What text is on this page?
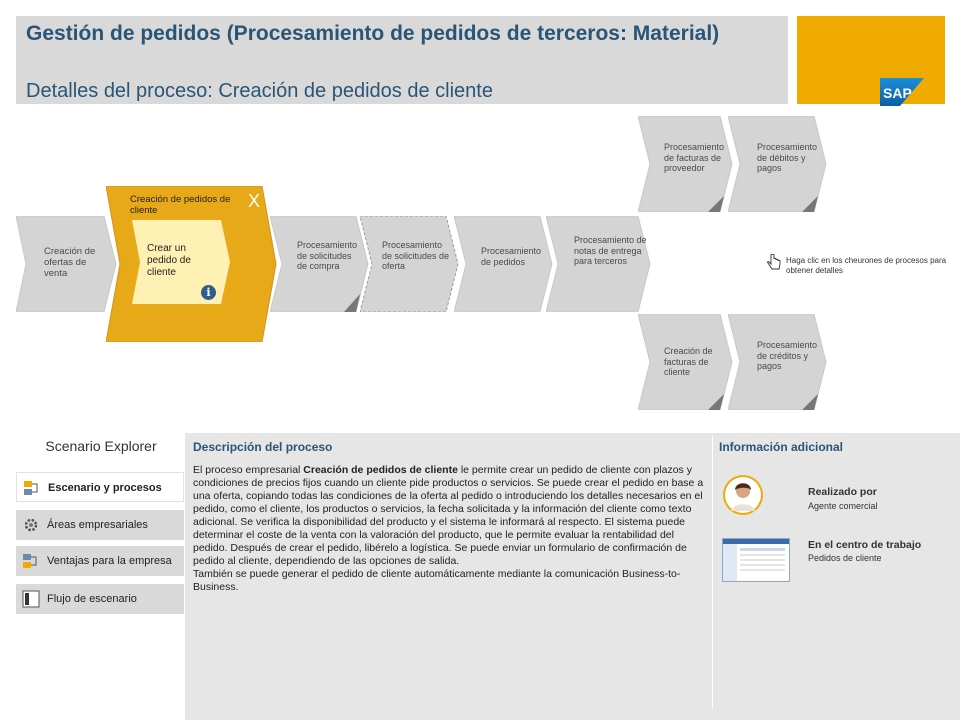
Gestión de pedidos (Procesamiento de pedidos de terceros: Material)
Detalles del proceso: Creación de pedidos de cliente	SAP
Creación de ofertas de venta
Creación de pedidos de cliente	X
Crear un pedido de cliente
i
Procesamiento de solicitudes de compra
Procesamiento de solicitudes de oferta
Procesamiento de pedidos
Procesamiento de notas de entrega para terceros
Procesamiento de facturas de proveedor
Procesamiento de débitos y pagos
Creación de facturas de cliente
Procesamiento de créditos y pagos
Haga clic en los cheurones de procesos para obtener detalles
Scenario Explorer
Escenario y procesos
Áreas empresariales
Ventajas para la empresa
Flujo de escenario
Descripción del proceso
El proceso empresarial Creación de pedidos de cliente le permite crear un pedido de cliente con plazos y condiciones de precios fijos cuando un cliente pide productos o servicios. Se puede crear el pedido en base a una oferta, copiando todas las condiciones de la oferta al pedido o introduciendo los detalles necesarios en el pedido, como el cliente, los productos o servicios, la fecha solicitada y la información del cliente como texto adicional. Se verifica la disponibilidad del producto y el sistema le informará al respecto. El sistema puede determinar el coste de la venta con la valoración del producto, que le permite evaluar la rentabilidad del pedido. Después de crear el pedido, libérelo a logística. Se puede enviar un formulario de confirmación de pedido al cliente, dependiendo de las opciones de salida.
También se puede generar el pedido de cliente automáticamente mediante la comunicación Business-to-Business.
Información adicional
Realizado por
Agente comercial
En el centro de trabajo
Pedidos de cliente
